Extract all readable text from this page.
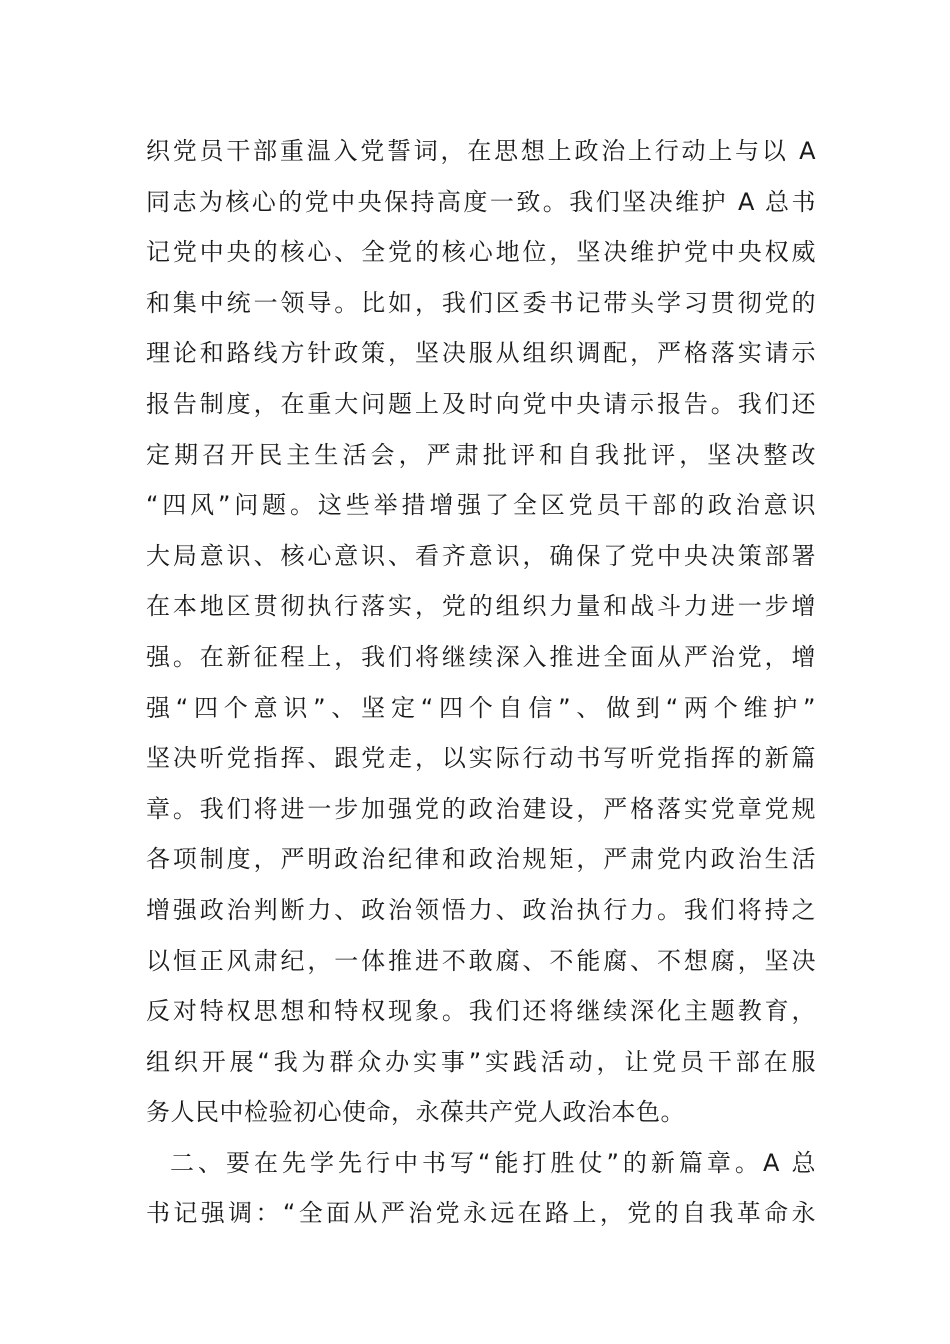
织党员干部重温入党誓词，在思想上政治上行动上与以 A
同志为核心的党中央保持高度一致。我们坚决维护 A 总书
记党中央的核心、全党的核心地位，坚决维护党中央权威
和集中统一领导。比如，我们区委书记带头学习贯彻党的
理论和路线方针政策，坚决服从组织调配，严格落实请示
报告制度，在重大问题上及时向党中央请示报告。我们还
定期召开民主生活会，严肃批评和自我批评，坚决整改
“四风”问题。这些举措增强了全区党员干部的政治意识
大局意识、核心意识、看齐意识，确保了党中央决策部署
在本地区贯彻执行落实，党的组织力量和战斗力进一步增
强。在新征程上，我们将继续深入推进全面从严治党，增
强“四个意识”、坚定“四个自信”、做到“两个维护”
坚决听党指挥、跟党走，以实际行动书写听党指挥的新篇
章。我们将进一步加强党的政治建设，严格落实党章党规
各项制度，严明政治纪律和政治规矩，严肃党内政治生活
增强政治判断力、政治领悟力、政治执行力。我们将持之
以恒正风肃纪，一体推进不敢腐、不能腐、不想腐，坚决
反对特权思想和特权现象。我们还将继续深化主题教育，
组织开展“我为群众办实事”实践活动，让党员干部在服
务人民中检验初心使命，永葆共产党人政治本色。
二、要在先学先行中书写“能打胜仗”的新篇章。A 总
书记强调：“全面从严治党永远在路上，党的自我革命永
